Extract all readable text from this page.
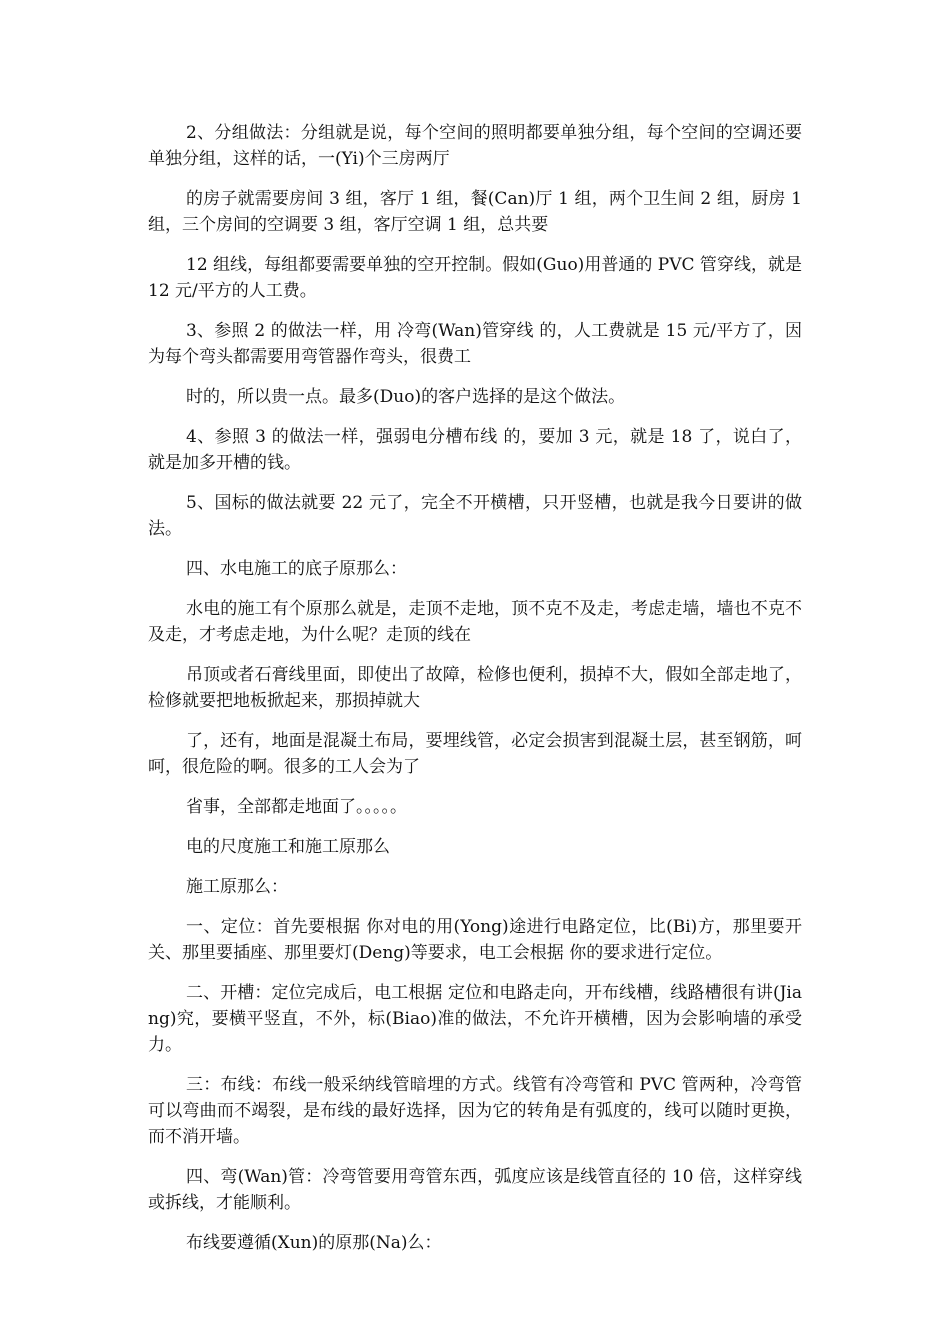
2、分组做法：分组就是说，每个空间的照明都要单独分组，每个空间的空调还要单独分组，这样的话，一(Yi)个三房两厅

的房子就需要房间 3 组，客厅 1 组，餐(Can)厅 1 组，两个卫生间 2 组，厨房 1 组，三个房间的空调要 3 组，客厅空调 1 组，总共要

12 组线，每组都要需要单独的空开控制。假如(Guo)用普通的 PVC 管穿线，就是 12 元/平方的人工费。

3、参照 2 的做法一样，用 冷弯(Wan)管穿线 的，人工费就是 15 元/平方了，因为每个弯头都需要用弯管器作弯头，很费工

时的，所以贵一点。最多(Duo)的客户选择的是这个做法。

4、参照 3 的做法一样，强弱电分槽布线 的，要加 3 元，就是 18 了，说白了，就是加多开槽的钱。

5、国标的做法就要 22 元了，完全不开横槽，只开竖槽，也就是我今日要讲的做法。

四、水电施工的底子原那么：

水电的施工有个原那么就是，走顶不走地，顶不克不及走，考虑走墙，墙也不克不及走，才考虑走地，为什么呢？走顶的线在

吊顶或者石膏线里面，即使出了故障，检修也便利，损掉不大，假如全部走地了，检修就要把地板掀起来，那损掉就大

了，还有，地面是混凝土布局，要埋线管，必定会损害到混凝土层，甚至钢筋，呵呵，很危险的啊。很多的工人会为了

省事，全部都走地面了。。。。。

电的尺度施工和施工原那么

施工原那么：

一、定位：首先要根据 你对电的用(Yong)途进行电路定位，比(Bi)方，那里要开关、那里要插座、那里要灯(Deng)等要求，电工会根据 你的要求进行定位。

二、开槽：定位完成后，电工根据 定位和电路走向，开布线槽，线路槽很有讲(Jiang)究，要横平竖直，不外，标(Biao)准的做法，不允许开横槽，因为会影响墙的承受力。

三：布线：布线一般采纳线管暗埋的方式。线管有冷弯管和 PVC 管两种，冷弯管可以弯曲而不竭裂，是布线的最好选择，因为它的转角是有弧度的，线可以随时更换，而不消开墙。

四、弯(Wan)管：冷弯管要用弯管东西，弧度应该是线管直径的 10 倍，这样穿线或拆线，才能顺利。

布线要遵循(Xun)的原那(Na)么：
